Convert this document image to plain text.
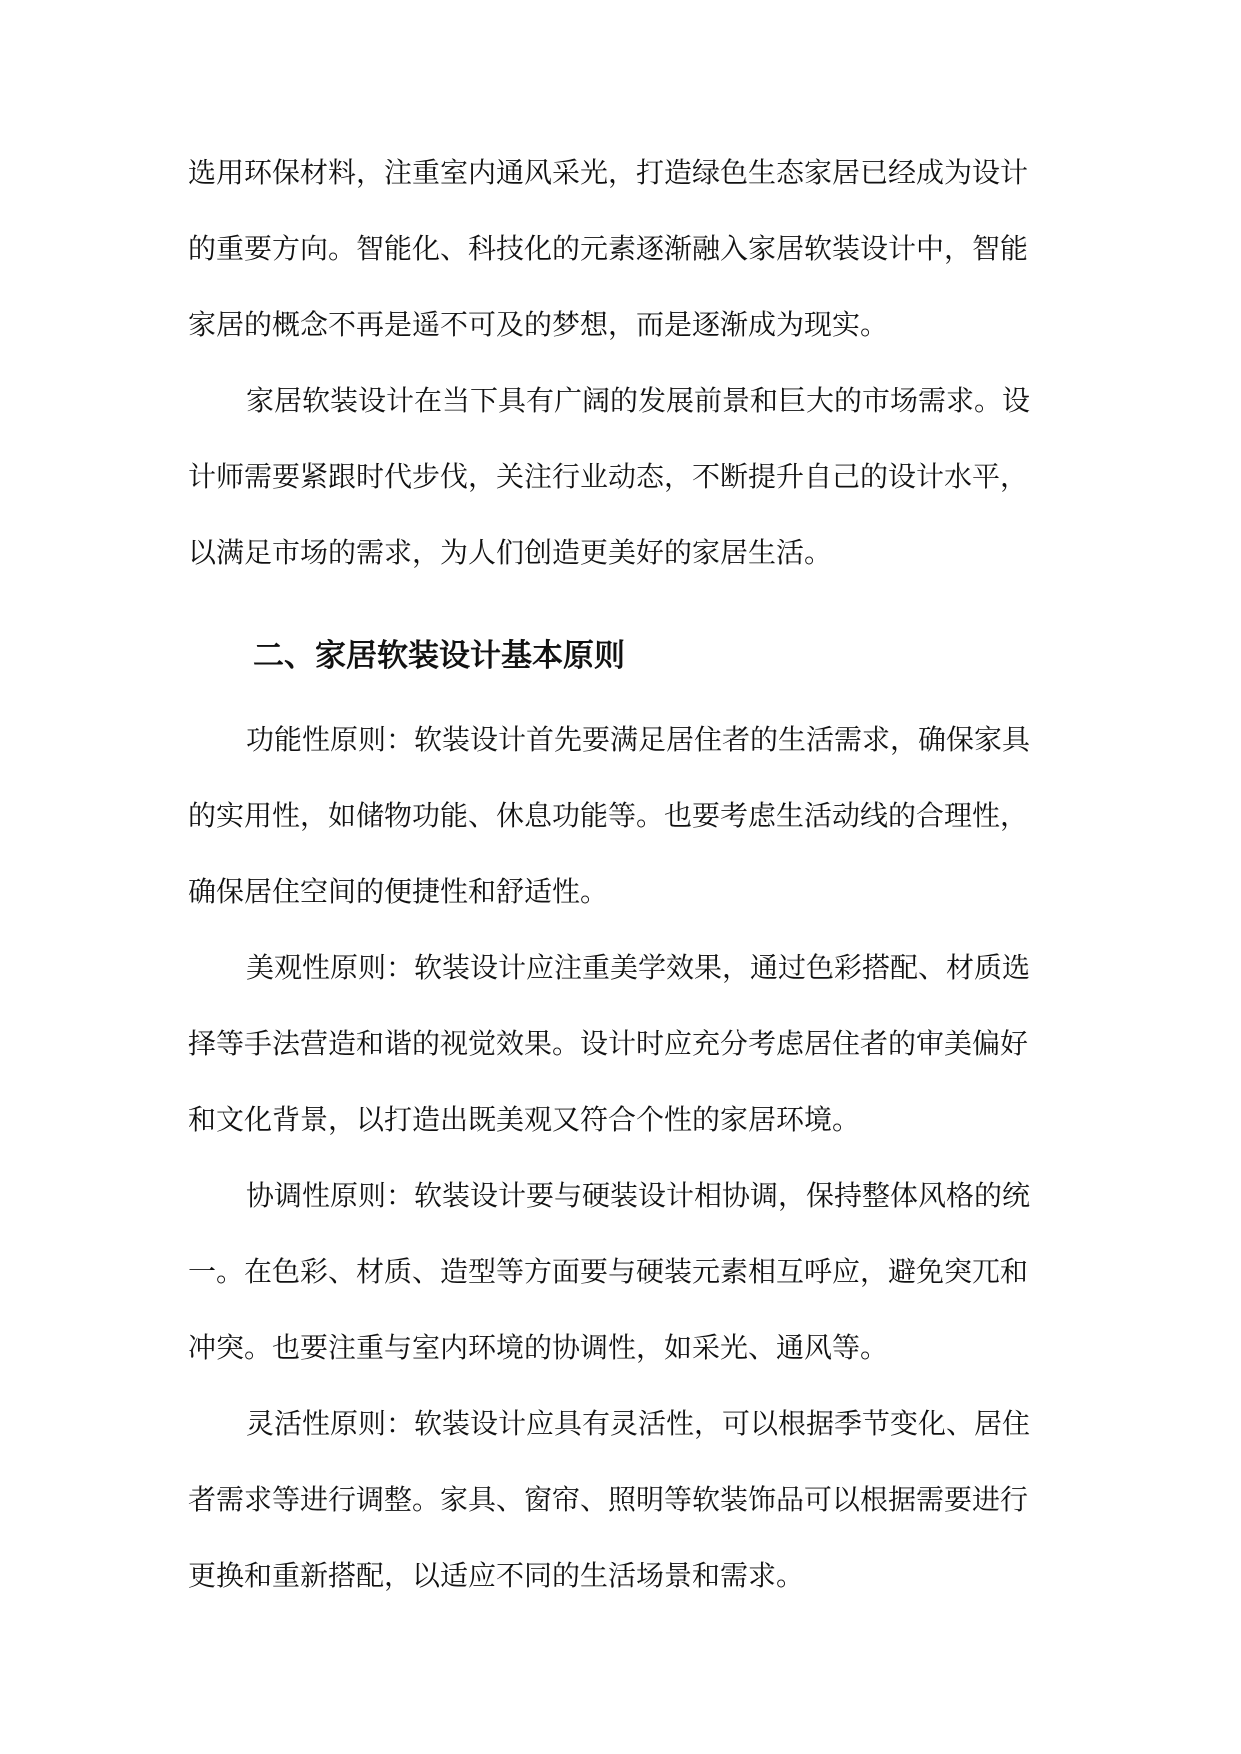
选用环保材料，注重室内通风采光，打造绿色生态家居已经成为设计
的重要方向。智能化、科技化的元素逐渐融入家居软装设计中，智能
家居的概念不再是遥不可及的梦想，而是逐渐成为现实。
家居软装设计在当下具有广阔的发展前景和巨大的市场需求。设
计师需要紧跟时代步伐，关注行业动态，不断提升自己的设计水平，
以满足市场的需求，为人们创造更美好的家居生活。
二、家居软装设计基本原则
功能性原则：软装设计首先要满足居住者的生活需求，确保家具
的实用性，如储物功能、休息功能等。也要考虑生活动线的合理性，
确保居住空间的便捷性和舒适性。
美观性原则：软装设计应注重美学效果，通过色彩搭配、材质选
择等手法营造和谐的视觉效果。设计时应充分考虑居住者的审美偏好
和文化背景，以打造出既美观又符合个性的家居环境。
协调性原则：软装设计要与硬装设计相协调，保持整体风格的统
一。在色彩、材质、造型等方面要与硬装元素相互呼应，避免突兀和
冲突。也要注重与室内环境的协调性，如采光、通风等。
灵活性原则：软装设计应具有灵活性，可以根据季节变化、居住
者需求等进行调整。家具、窗帘、照明等软装饰品可以根据需要进行
更换和重新搭配，以适应不同的生活场景和需求。
